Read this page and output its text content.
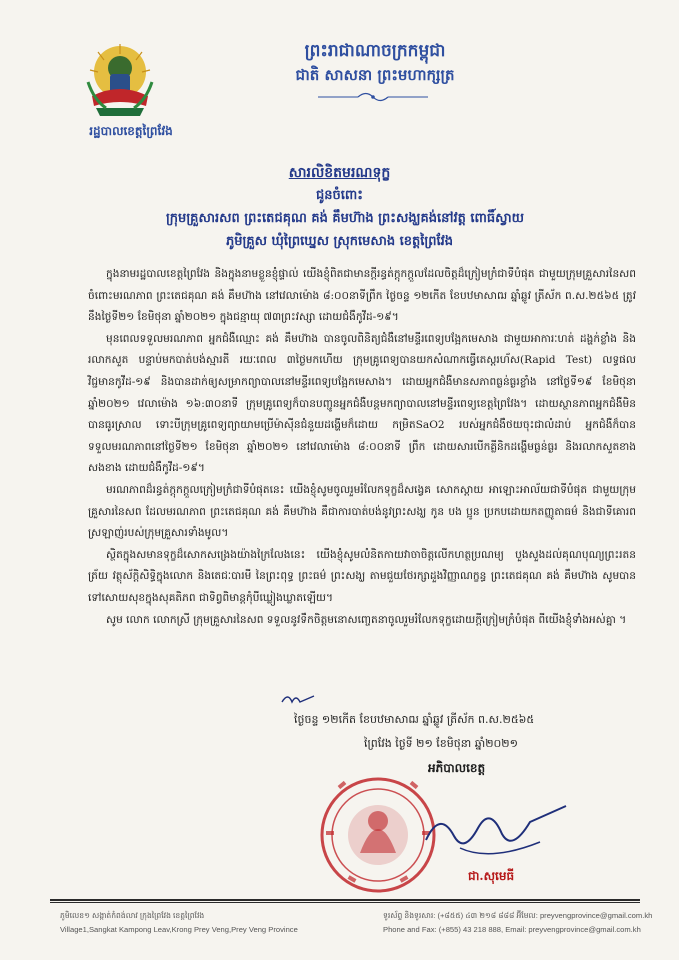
រដ្ឋបាលខេត្តព្រៃវែង
ព្រះរាជាណាចក្រកម្ពុជា
ជាតិ សាសនា ព្រះមហាក្សត្រ
សារលិខិតមរណទុក្ខ
ជូនចំពោះ
ក្រុមគ្រួសារសព ព្រះតេជគុណ គង់ គឹមហ៊ាង ព្រះសង្ឃគង់នៅវត្ត ពោធិ៍ស្វាយ
ភូមិគ្រួស ឃុំព្រៃឃ្នេស ស្រុកមេសាង ខេត្តព្រៃវែង

ក្នុងនាមរដ្ឋបាលខេត្តព្រៃវែង និងក្នុងនាមខ្លួនខ្ញុំផ្ទាល់ យើងខ្ញុំពិតជាមានក្តីរន្ធត់ក្តុកក្តួលដែលចិត្តដ៏ក្រៀមក្រំជាទីបំផុត ជាមួយក្រុមគ្រួសារនៃសព ចំពោះមរណភាព ព្រះតេជគុណ គង់ គឹមហ៊ាង នៅវេលាម៉ោង ៨:០០នាទីព្រឹក ថ្ងៃចន្ទ ១២កើត ខែបឋមាសាឍ ឆ្នាំឆ្លូវ ត្រីស័ក ព.ស.២៥៦៥ ត្រូវនឹងថ្ងៃទី២១ ខែមិថុនា ឆ្នាំ២០២១ ក្នុងជន្មាយុ ៧៣ព្រះវស្សា ដោយជំងឺកូវីដ-១៩។

មុនពេលទទួលមរណភាព អ្នកជំងឺឈ្មោះ គង់ គឹមហ៊ាង បានចូលពិនិត្យជំងឺនៅមន្ទីរពេទ្យបង្អែកមេសាង ជាមួយអាការៈហត់ ដង្ហក់ខ្លាំង និងរលាកសួត បន្ទាប់មកបាត់បង់ស្មារតី រយៈពេល ៣ថ្ងៃមកហើយ ក្រុមគ្រូពេទ្យបានយកសំណាកធ្វើតេស្តរហ័ស(Rapid Test) លទ្ធផលវិជ្ជមានកូវីដ-១៩ និងបានដាក់ឲ្យសម្រាកព្យាបាលនៅមន្ទីរពេទ្យបង្អែកមេសាង។ ដោយអ្នកជំងឺមានសភាពធ្ងន់ធ្ងរខ្លាំង នៅថ្ងៃទី១៩ ខែមិថុនា ឆ្នាំ២០២១ វេលាម៉ោង ១៦:៣០នាទី ក្រុមគ្រូពេទ្យក៏បានបញ្ជូនអ្នកជំងឺបន្តមកព្យាបាលនៅមន្ទីរពេទ្យខេត្តព្រៃវែង។ ដោយស្ថានភាពអ្នកជំងឺមិនបានធូរស្រាល ទោះបីក្រុមគ្រូពេទ្យព្យាយាមប្រើម៉ាស៊ីនជំនួយដង្ហើមក៏ដោយ កម្រិតSaO2 របស់អ្នកជំងឺថយចុះជាលំដាប់ អ្នកជំងឺក៏បានទទួលមរណភាពនៅថ្ងៃទី២១ ខែមិថុនា ឆ្នាំ២០២១ នៅវេលាម៉ោង ៨:០០នាទី ព្រឹក ដោយសារបើកគ្លីនិកដង្ហើមធ្ងន់ធ្ងរ និងរលាកសួតខាងសងខាង ដោយជំងឺកូវីដ-១៩។

មរណភាពដ៏រន្ធត់ក្តុកក្តួលក្រៀមក្រំជាទីបំផុតនេះ យើងខ្ញុំសូមចូលរួមរំលែកទុក្ខដ៏សង្វេគ សោកស្តាយ អាឡោះអាល័យជាទីបំផុត ជាមួយក្រុមគ្រួសារនៃសព ដែលមរណភាព ព្រះតេជគុណ គង់ គឹមហ៊ាង គឺជាការបាត់បង់នូវព្រះសង្ឃ កូន បង ប្អូន ប្រកបដោយកតញ្ញូតាធម៌ និងជាទីគោរពស្រឡាញ់របស់ក្រុមគ្រួសារទាំងមូល។

ស្ថិតក្នុងសមានទុក្ខដ៏សោកសង្រេងយ៉ាងក្រៃលែងនេះ យើងខ្ញុំសូមលំនិតកាយវាចាចិត្តលើកហត្ថប្រណម្យ បួងសួងដល់គុណបុណ្យព្រះរតនត្រ័យ វត្ថុស័ក្តិសិទ្ធិក្នុងលោក និងតេជៈបារមី នៃព្រះពុទ្ធ ព្រះធម៌ ព្រះសង្ឃ តាមជួយថែរក្សាដួងវិញ្ញាណក្ខន្ធ ព្រះតេជគុណ គង់ គឹមហ៊ាង សូមបានទៅសោយសុខក្នុងសុគតិភព ជាទិព្វពិមាន្តកុំបីឃ្លៀងឃ្លាតឡើយ។

សូម លោក លោកស្រី ក្រុមគ្រួសារនៃសព ទទួលនូវទឹកចិត្តមនោសញ្ចេតនាចូលរួមរំលែកទុក្ខដោយក្តីក្រៀមក្រំបំផុត ពីយើងខ្ញុំទាំងអស់គ្នា ។

ថ្ងៃចន្ទ ១២កើត ខែបឋមាសាឍ ឆ្នាំឆ្លូវ ត្រីស័ក ព.ស.២៥៦៥
ព្រៃវែង ថ្ងៃទី ២១ ខែមិថុនា ឆ្នាំ២០២១
អភិបាលខេត្ត
ជា.សុមេធី
ភូមិលេខ១ សង្កាត់កំពង់លាវ ក្រុងព្រៃវែង ខេត្តព្រៃវែង
Village1,Sangkat Kampong Leav,Krong Prey Veng,Prey Veng Province
ទូរស័ព្ទ និងទូរសារ: (+៨៥៥) ៤៣ ២១៨ ៨៨៨ អ៊ីមែល: preyvengprovince@gmail.com.kh
Phone and Fax: (+855) 43 218 888, Email: preyvengprovince@gmail.com.kh
